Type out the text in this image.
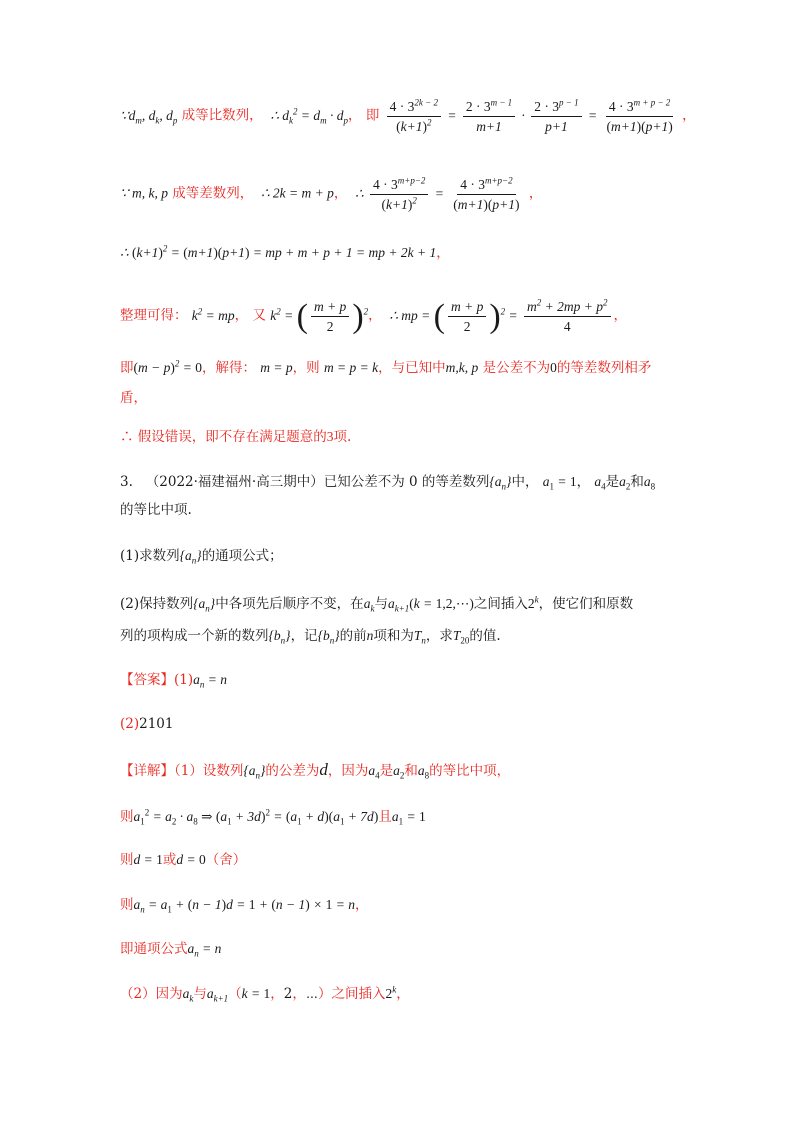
$\because d_m$, $d_k$, $d_p$ 成等比数列，  ∴ $d_k^2 = d_m \cdot d_p$， 即 $\frac{4 \cdot 3^{2k - 2}}{(k+1)^2} = \frac{2 \cdot 3^{m - 1}}{m+1} \cdot \frac{2 \cdot 3^{p - 1}}{p+1} = \frac{4 \cdot 3^{m + p - 2}}{(m+1)(p+1)}$ ，
∵ m, k, p 成等差数列，  ∴ 2k = m + p，  ∴ $\frac{4 \cdot 3^{m+p-2}}{(k+1)^2} = \frac{4 \cdot 3^{m+p-2}}{(m+1)(p+1)}$ ，
∴ $(k+1)^2 = (m+1)(p+1)$ = mp + m + p + 1 = mp + 2k + 1，
整理可得： $k^2$ = mp， 又 $k^2$ = ( $\frac{m + p}{2} )^2$，  ∴ mp = ( $\frac{m + p}{2} )^2 = \frac{m^2 + 2mp + p^2}{4}$ ，
即$(m - p)^2 = 0$，解得： m = p，则 m = p = k，与已知中m,k, p 是公差不为0的等差数列相矛
盾，
∴ 假设错误，即不存在满足题意的3项.
3. （2022·福建福州·高三期中）已知公差不为 0 的等差数列$\{a_n\}$中， $a_1 = 1$， $a_4$是$a_2$和$a_8$
的等比中项.
(1)求数列$\{a_n\}$的通项公式；
(2)保持数列$\{a_n\}$中各项先后顺序不变，在$a_k$与$a_{k+1}(k$ = 1,2,⋯)之间插入2$^k$，使它们和原数
列的项构成一个新的数列$\{b_n\}$，记$\{b_n\}$的前n项和为$T_n$，求$T_{20}$的值.
【答案】$(1)a_n = n$
(2)2101
【详解】（1）设数列$\{a_n\}$的公差为d，因为$a_4$是$a_2$和$a_8$的等比中项，
则$a_1^2 = a_2 \cdot a_8$ ⇒ $(a_1 + 3d)^2 = (a_1 + d)(a_1 + 7d)$且$a_1 = 1$
则d = 1或d = 0（舍）
则$a_n = a_1 + (n - 1)d = 1 + (n - 1) \times 1 = n$，
即通项公式$a_n = n$
（2）因为$a_k$与$a_{k+1}(k = 1$，2，⋯）之间插入2$^k$，
